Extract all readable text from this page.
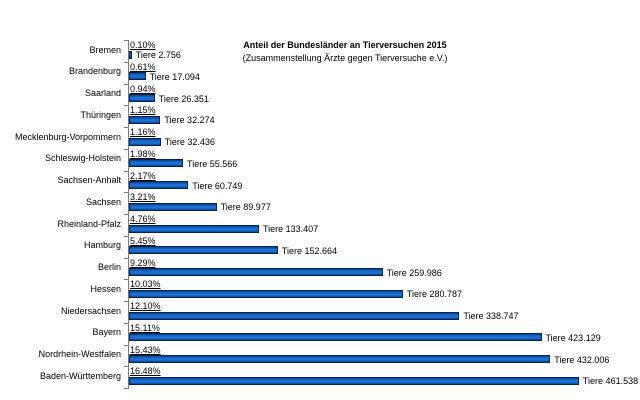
Anteil der Bundesländer an Tierversuchen 2015
(Zusammenstellung Ärzte gegen Tierversuche e.V.)
Bremen 0.10%
Tiere 2.756
Brandenburg 0.61%
Tiere 17.094
Saarland 0.94%
Tiere 26.351
Thüringen 1.15%
Tiere 32.274
Mecklenburg-Vorpommern 1.16%
Tiere 32.436
Schleswig-Holstein 1.98%
Tiere 55.566
Sachsen-Anhalt 2.17%
Tiere 60.749
Sachsen 3.21%
Tiere 89.977
Rheinland-Pfalz 4.76%
Tiere 133.407
Hamburg 5.45%
Tiere 152.664
Berlin 9.29%
Tiere 259.986
Hessen 10.03%
Tiere 280.787
Niedersachsen 12.10%
Tiere 338.747
Bayern 15.11%
Tiere 423.129
Nordrhein-Westfalen 15.43%
Tiere 432.006
Baden-Württemberg 16.48%
Tiere 461.538
